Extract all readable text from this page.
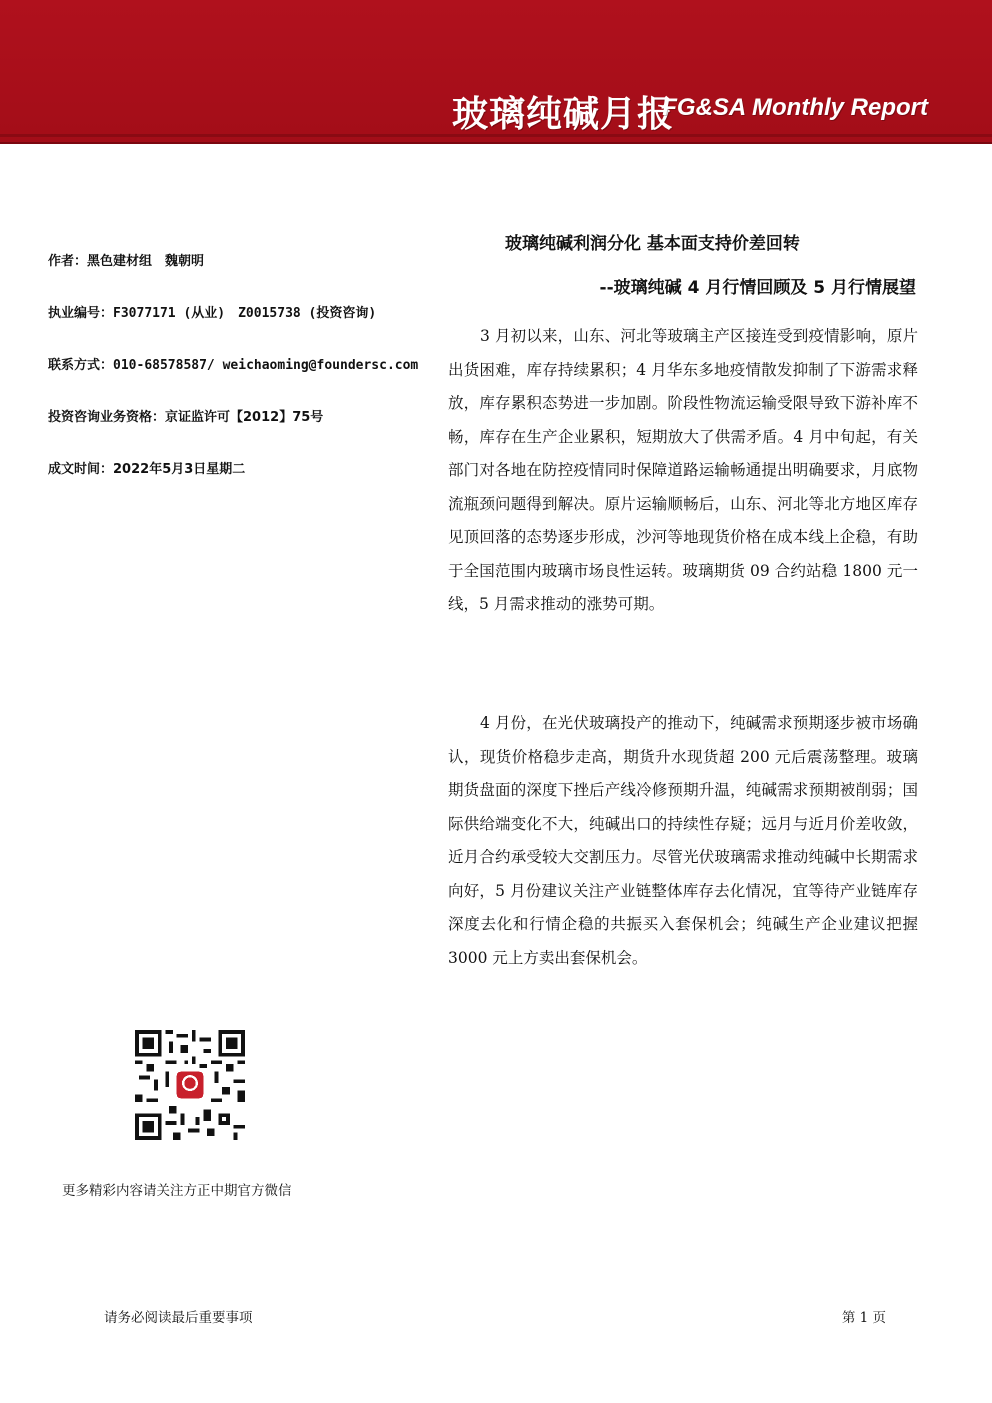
玻璃纯碱月报
FG&SA Monthly Report
作者：黑色建材组　魏朝明
执业编号：F3077171 (从业)　Z0015738 (投资咨询)
联系方式：010-68578587/ weichaoming@foundersc.com
投资咨询业务资格：京证监许可【2012】75号
成文时间：2022年5月3日星期二
玻璃纯碱利润分化 基本面支持价差回转
--玻璃纯碱 4 月行情回顾及 5 月行情展望

3 月初以来，山东、河北等玻璃主产区接连受到疫情影响，原片出货困难，库存持续累积；4 月华东多地疫情散发抑制了下游需求释放，库存累积态势进一步加剧。阶段性物流运输受限导致下游补库不畅，库存在生产企业累积，短期放大了供需矛盾。4 月中旬起，有关部门对各地在防控疫情同时保障道路运输畅通提出明确要求，月底物流瓶颈问题得到解决。原片运输顺畅后，山东、河北等北方地区库存见顶回落的态势逐步形成，沙河等地现货价格在成本线上企稳，有助于全国范围内玻璃市场良性运转。玻璃期货 09 合约站稳 1800 元一线，5 月需求推动的涨势可期。

4 月份，在光伏玻璃投产的推动下，纯碱需求预期逐步被市场确认，现货价格稳步走高，期货升水现货超 200 元后震荡整理。玻璃期货盘面的深度下挫后产线冷修预期升温，纯碱需求预期被削弱；国际供给端变化不大，纯碱出口的持续性存疑；远月与近月价差收敛，近月合约承受较大交割压力。尽管光伏玻璃需求推动纯碱中长期需求向好，5 月份建议关注产业链整体库存去化情况，宜等待产业链库存深度去化和行情企稳的共振买入套保机会；纯碱生产企业建议把握 3000 元上方卖出套保机会。

更多精彩内容请关注方正中期官方微信
请务必阅读最后重要事项	第 1 页
